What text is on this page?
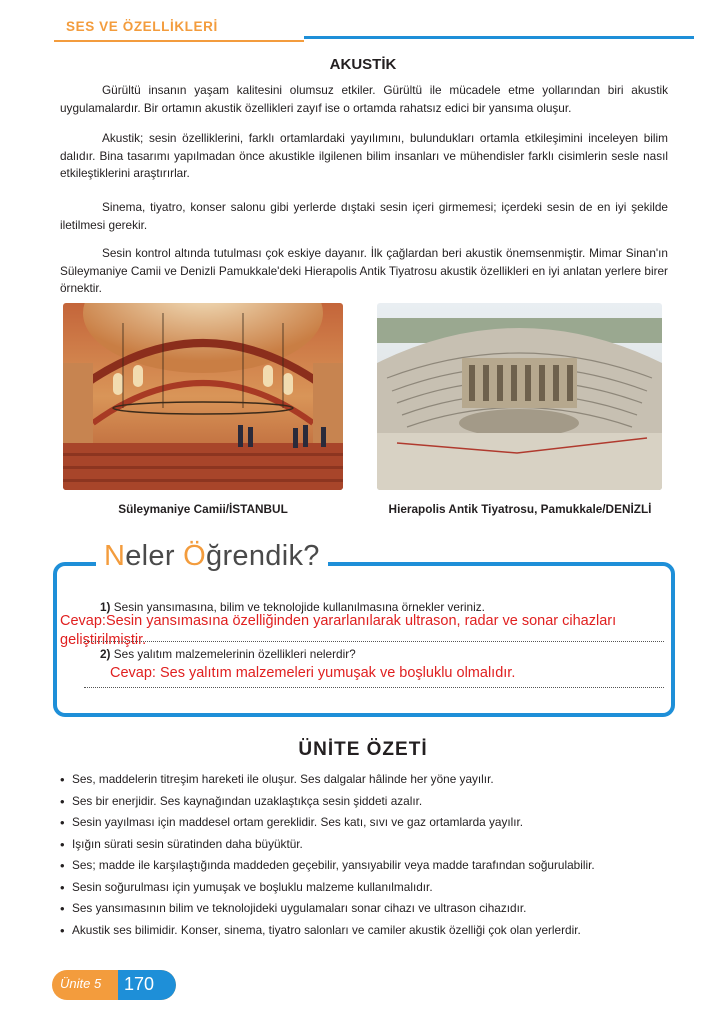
SES VE ÖZELLİKLERİ
AKUSTİK

Gürültü insanın yaşam kalitesini olumsuz etkiler. Gürültü ile mücadele etme yollarından biri akustik uygulamalardır. Bir ortamın akustik özellikleri zayıf ise o ortamda rahatsız edici bir yansıma oluşur.

Akustik; sesin özelliklerini, farklı ortamlardaki yayılımını, bulundukları ortamla etkileşimini inceleyen bilim dalıdır. Bina tasarımı yapılmadan önce akustikle ilgilenen bilim insanları ve mühendisler farklı cisimlerin sesle nasıl etkileştiklerini araştırırlar.

Sinema, tiyatro, konser salonu gibi yerlerde dıştaki sesin içeri girmemesi; içerdeki sesin de en iyi şekilde iletilmesi gerekir.

Sesin kontrol altında tutulması çok eskiye dayanır. İlk çağlardan beri akustik önemsenmiştir. Mimar Sinan'ın Süleymaniye Camii ve Denizli Pamukkale'deki Hierapolis Antik Tiyatrosu akustik özellikleri en iyi anlatan yerlere birer örnektir.

Süleymaniye Camii/İSTANBUL	Hierapolis Antik Tiyatrosu, Pamukkale/DENİZLİ
Neler Öğrendik?
1) Sesin yansımasına, bilim ve teknolojide kullanılmasına örnekler veriniz.
Cevap:Sesin yansımasına özelliğinden yararlanılarak ultrason, radar ve sonar cihazları geliştirilmiştir.
2) Ses yalıtım malzemelerinin özellikleri nelerdir?
Cevap: Ses yalıtım malzemeleri yumuşak ve boşluklu olmalıdır.
ÜNİTE ÖZETİ
• Ses, maddelerin titreşim hareketi ile oluşur. Ses dalgalar hâlinde her yöne yayılır.
• Ses bir enerjidir. Ses kaynağından uzaklaştıkça sesin şiddeti azalır.
• Sesin yayılması için maddesel ortam gereklidir. Ses katı, sıvı ve gaz ortamlarda yayılır.
• Işığın sürati sesin süratinden daha büyüktür.
• Ses; madde ile karşılaştığında maddeden geçebilir, yansıyabilir veya madde tarafından soğurulabilir.
• Sesin soğurulması için yumuşak ve boşluklu malzeme kullanılmalıdır.
• Ses yansımasının bilim ve teknolojideki uygulamaları sonar cihazı ve ultrason cihazıdır.
• Akustik ses bilimidir. Konser, sinema, tiyatro salonları ve camiler akustik özelliği çok olan yerlerdir.
Ünite 5 170
